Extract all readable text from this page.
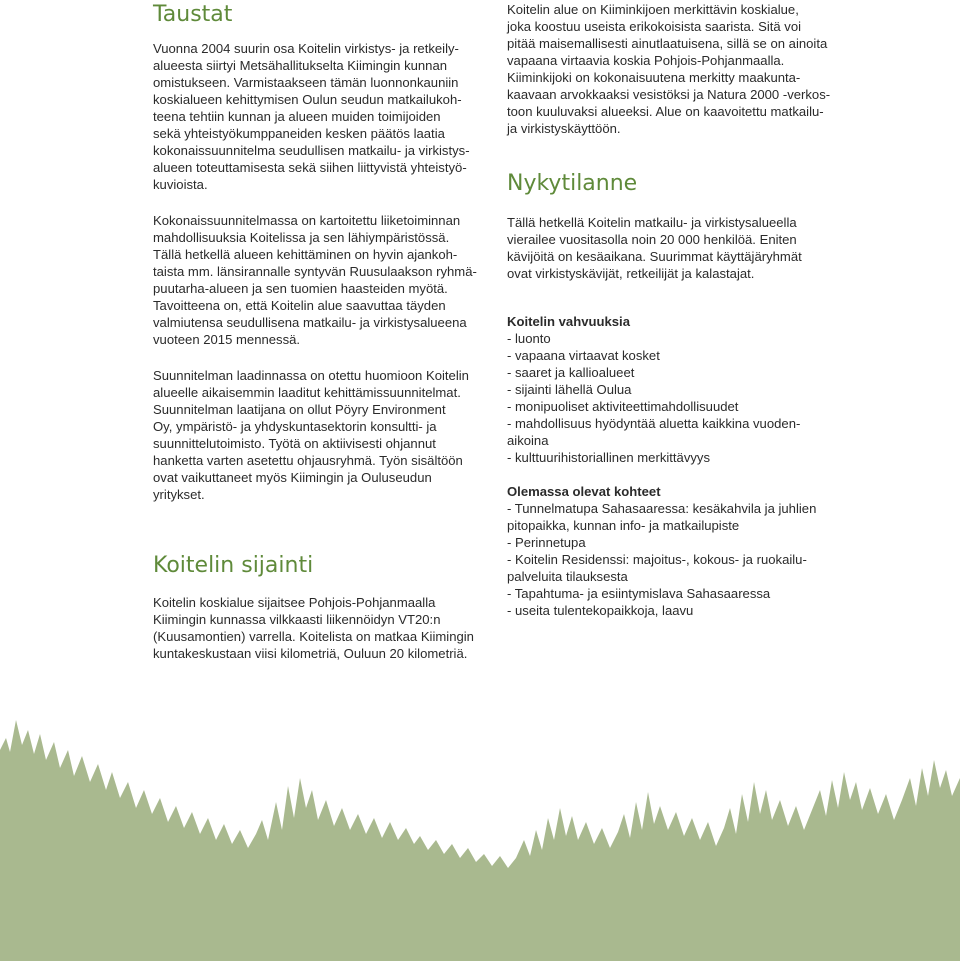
Taustat

Vuonna 2004 suurin osa Koitelin virkistys- ja retkeily-
alueesta siirtyi Metsähallitukselta Kiimingin kunnan
omistukseen. Varmistaakseen tämän luonnonkauniin
koskialueen kehittymisen Oulun seudun matkailukoh-
teena tehtiin kunnan ja alueen muiden toimijoiden
sekä yhteistyökumppaneiden kesken päätös laatia
kokonaissuunnitelma seudullisen matkailu- ja virkistys-
alueen toteuttamisesta sekä siihen liittyvistä yhteistyö-
kuvioista.

Kokonaissuunnitelmassa on kartoitettu liiketoiminnan
mahdollisuuksia Koitelissa ja sen lähiympäristössä.
Tällä hetkellä alueen kehittäminen on hyvin ajankoh-
taista mm. länsirannalle syntyvän Ruusulaakson ryhmä-
puutarha-alueen ja sen tuomien haasteiden myötä.
Tavoitteena on, että Koitelin alue saavuttaa täyden
valmiutensa seudullisena matkailu- ja virkistysalueena
vuoteen 2015 mennessä.

Suunnitelman laadinnassa on otettu huomioon Koitelin
alueelle aikaisemmin laaditut kehittämissuunnitelmat.
Suunnitelman laatijana on ollut Pöyry Environment
Oy, ympäristö- ja yhdyskuntasektorin konsultti- ja
suunnittelutoimisto. Työtä on aktiivisesti ohjannut
hanketta varten asetettu ohjausryhmä. Työn sisältöön
ovat vaikuttaneet myös Kiimingin ja Ouluseudun
yritykset.

Koitelin sijainti

Koitelin koskialue sijaitsee Pohjois-Pohjanmaalla
Kiimingin kunnassa vilkkaasti liikennöidyn VT20:n
(Kuusamontien) varrella. Koitelista on matkaa Kiimingin
kuntakeskustaan viisi kilometriä, Ouluun 20 kilometriä.

Koitelin alue on Kiiminkijoen merkittävin koskialue,
joka koostuu useista erikokoisista saarista. Sitä voi
pitää maisemallisesti ainutlaatuisena, sillä se on ainoita
vapaana virtaavia koskia Pohjois-Pohjanmaalla.
Kiiminkijoki on kokonaisuutena merkitty maakunta-
kaavaan arvokkaaksi vesistöksi ja Natura 2000 -verkos-
toon kuuluvaksi alueeksi. Alue on kaavoitettu matkailu-
ja virkistyskäyttöön.

Nykytilanne

Tällä hetkellä Koitelin matkailu- ja virkistysalueella
vierailee vuositasolla noin 20 000 henkilöä. Eniten
kävijöitä on kesäaikana. Suurimmat käyttäjäryhmät
ovat virkistyskävijät, retkeilijät ja kalastajat.

Koitelin vahvuuksia
- luonto
- vapaana virtaavat kosket
- saaret ja kallioalueet
- sijainti lähellä Oulua
- monipuoliset aktiviteettimahdollisuudet
- mahdollisuus hyödyntää aluetta kaikkina vuoden-
aikoina
- kulttuurihistoriallinen merkittävyys
Olemassa olevat kohteet
- Tunnelmatupa Sahasaaressa: kesäkahvila ja juhlien
pitopaikka, kunnan info- ja matkailupiste
- Perinnetupa
- Koitelin Residenssi: majoitus-, kokous- ja ruokailu-
palveluita tilauksesta
- Tapahtuma- ja esiintymislava Sahasaaressa
- useita tulentekopaikkoja, laavu
